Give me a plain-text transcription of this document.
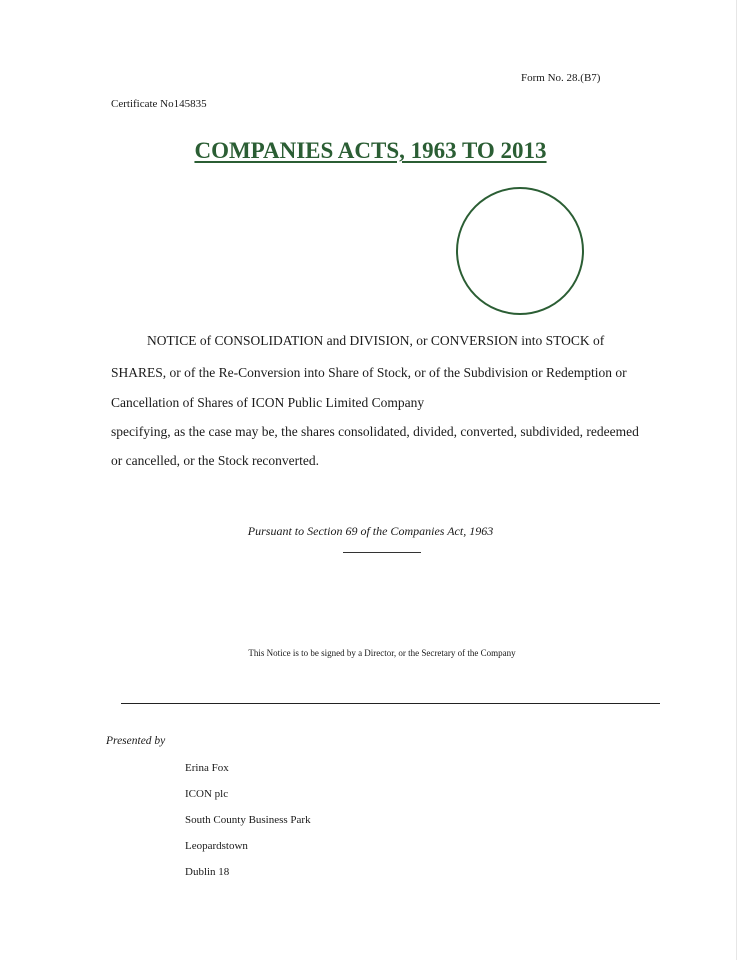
Form No. 28.(B7)
Certificate No145835
COMPANIES ACTS, 1963 TO 2013
NOTICE of CONSOLIDATION and DIVISION, or CONVERSION into STOCK of
SHARES, or of the Re-Conversion into Share of Stock, or of the Subdivision or Redemption or
Cancellation of Shares of ICON Public Limited Company
specifying, as the case may be, the shares consolidated, divided, converted, subdivided, redeemed
or cancelled, or the Stock reconverted.
Pursuant to Section 69 of the Companies Act, 1963
This Notice is to be signed by a Director, or the Secretary of the Company
Presented by
Erina Fox
ICON plc
South County Business Park
Leopardstown
Dublin 18
